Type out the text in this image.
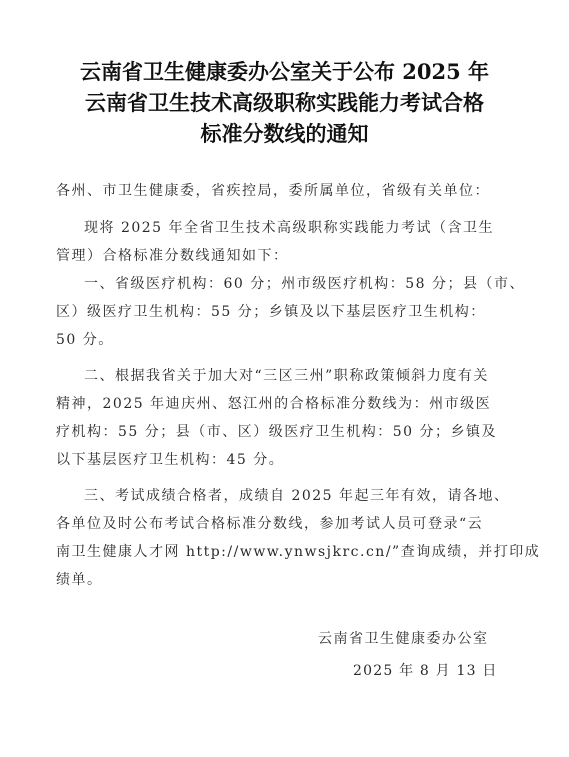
云南省卫生健康委办公室关于公布 2025 年
云南省卫生技术高级职称实践能力考试合格
标准分数线的通知
各州、市卫生健康委，省疾控局，委所属单位，省级有关单位：
现将 2025 年全省卫生技术高级职称实践能力考试（含卫生
管理）合格标准分数线通知如下：
一、省级医疗机构：60 分；州市级医疗机构：58 分；县（市、
区）级医疗卫生机构：55 分；乡镇及以下基层医疗卫生机构：
50 分。
二、根据我省关于加大对“三区三州”职称政策倾斜力度有关
精神，2025 年迪庆州、怒江州的合格标准分数线为：州市级医
疗机构：55 分；县（市、区）级医疗卫生机构：50 分；乡镇及
以下基层医疗卫生机构：45 分。
三、考试成绩合格者，成绩自 2025 年起三年有效，请各地、
各单位及时公布考试合格标准分数线，参加考试人员可登录“云
南卫生健康人才网 http://www.ynwsjkrc.cn/”查询成绩，并打印成
绩单。
云南省卫生健康委办公室
2025 年 8 月 13 日
